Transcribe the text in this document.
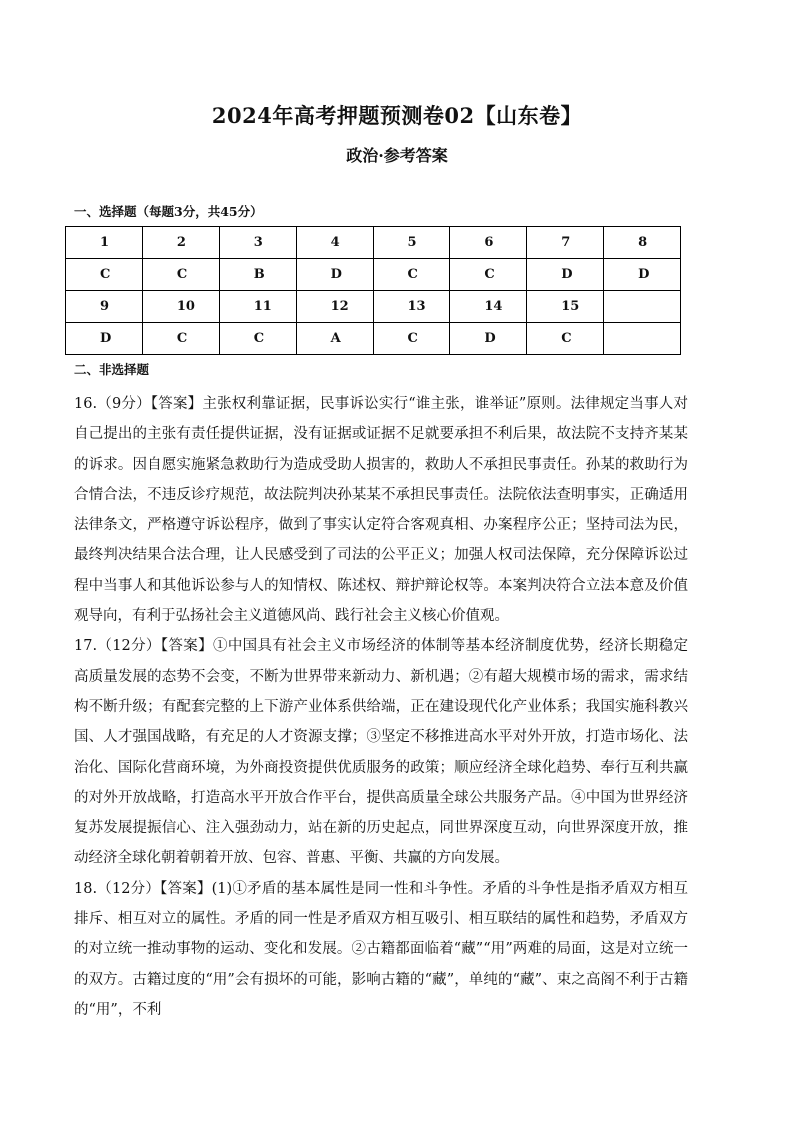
2024年高考押题预测卷02【山东卷】
政治·参考答案
一、选择题（每题3分，共45分）
1	2	3	4	5	6	7	8
C	C	B	D	C	C	D	D
9	10	11	12	13	14	15	
D	C	C	A	C	D	C	
二、非选择题

16.（9分）【答案】主张权利靠证据，民事诉讼实行“谁主张，谁举证”原则。法律规定当事人对自己提出的主张有责任提供证据，没有证据或证据不足就要承担不利后果，故法院不支持齐某某的诉求。因自愿实施紧急救助行为造成受助人损害的，救助人不承担民事责任。孙某的救助行为合情合法，不违反诊疗规范，故法院判决孙某某不承担民事责任。法院依法查明事实，正确适用法律条文，严格遵守诉讼程序，做到了事实认定符合客观真相、办案程序公正；坚持司法为民，最终判决结果合法合理，让人民感受到了司法的公平正义；加强人权司法保障，充分保障诉讼过程中当事人和其他诉讼参与人的知情权、陈述权、辩护辩论权等。本案判决符合立法本意及价值观导向，有利于弘扬社会主义道德风尚、践行社会主义核心价值观。

17.（12分）【答案】①中国具有社会主义市场经济的体制等基本经济制度优势，经济长期稳定高质量发展的态势不会变，不断为世界带来新动力、新机遇；②有超大规模市场的需求，需求结构不断升级；有配套完整的上下游产业体系供给端，正在建设现代化产业体系；我国实施科教兴国、人才强国战略，有充足的人才资源支撑；③坚定不移推进高水平对外开放，打造市场化、法治化、国际化营商环境，为外商投资提供优质服务的政策；顺应经济全球化趋势、奉行互利共赢的对外开放战略，打造高水平开放合作平台，提供高质量全球公共服务产品。④中国为世界经济复苏发展提振信心、注入强劲动力，站在新的历史起点，同世界深度互动，向世界深度开放，推动经济全球化朝着朝着开放、包容、普惠、平衡、共赢的方向发展。

18.（12分）【答案】(1)①矛盾的基本属性是同一性和斗争性。矛盾的斗争性是指矛盾双方相互排斥、相互对立的属性。矛盾的同一性是矛盾双方相互吸引、相互联结的属性和趋势，矛盾双方的对立统一推动事物的运动、变化和发展。②古籍都面临着“藏”“用”两难的局面，这是对立统一的双方。古籍过度的“用”会有损坏的可能，影响古籍的“藏”，单纯的“藏”、束之高阁不利于古籍的“用”，不利
